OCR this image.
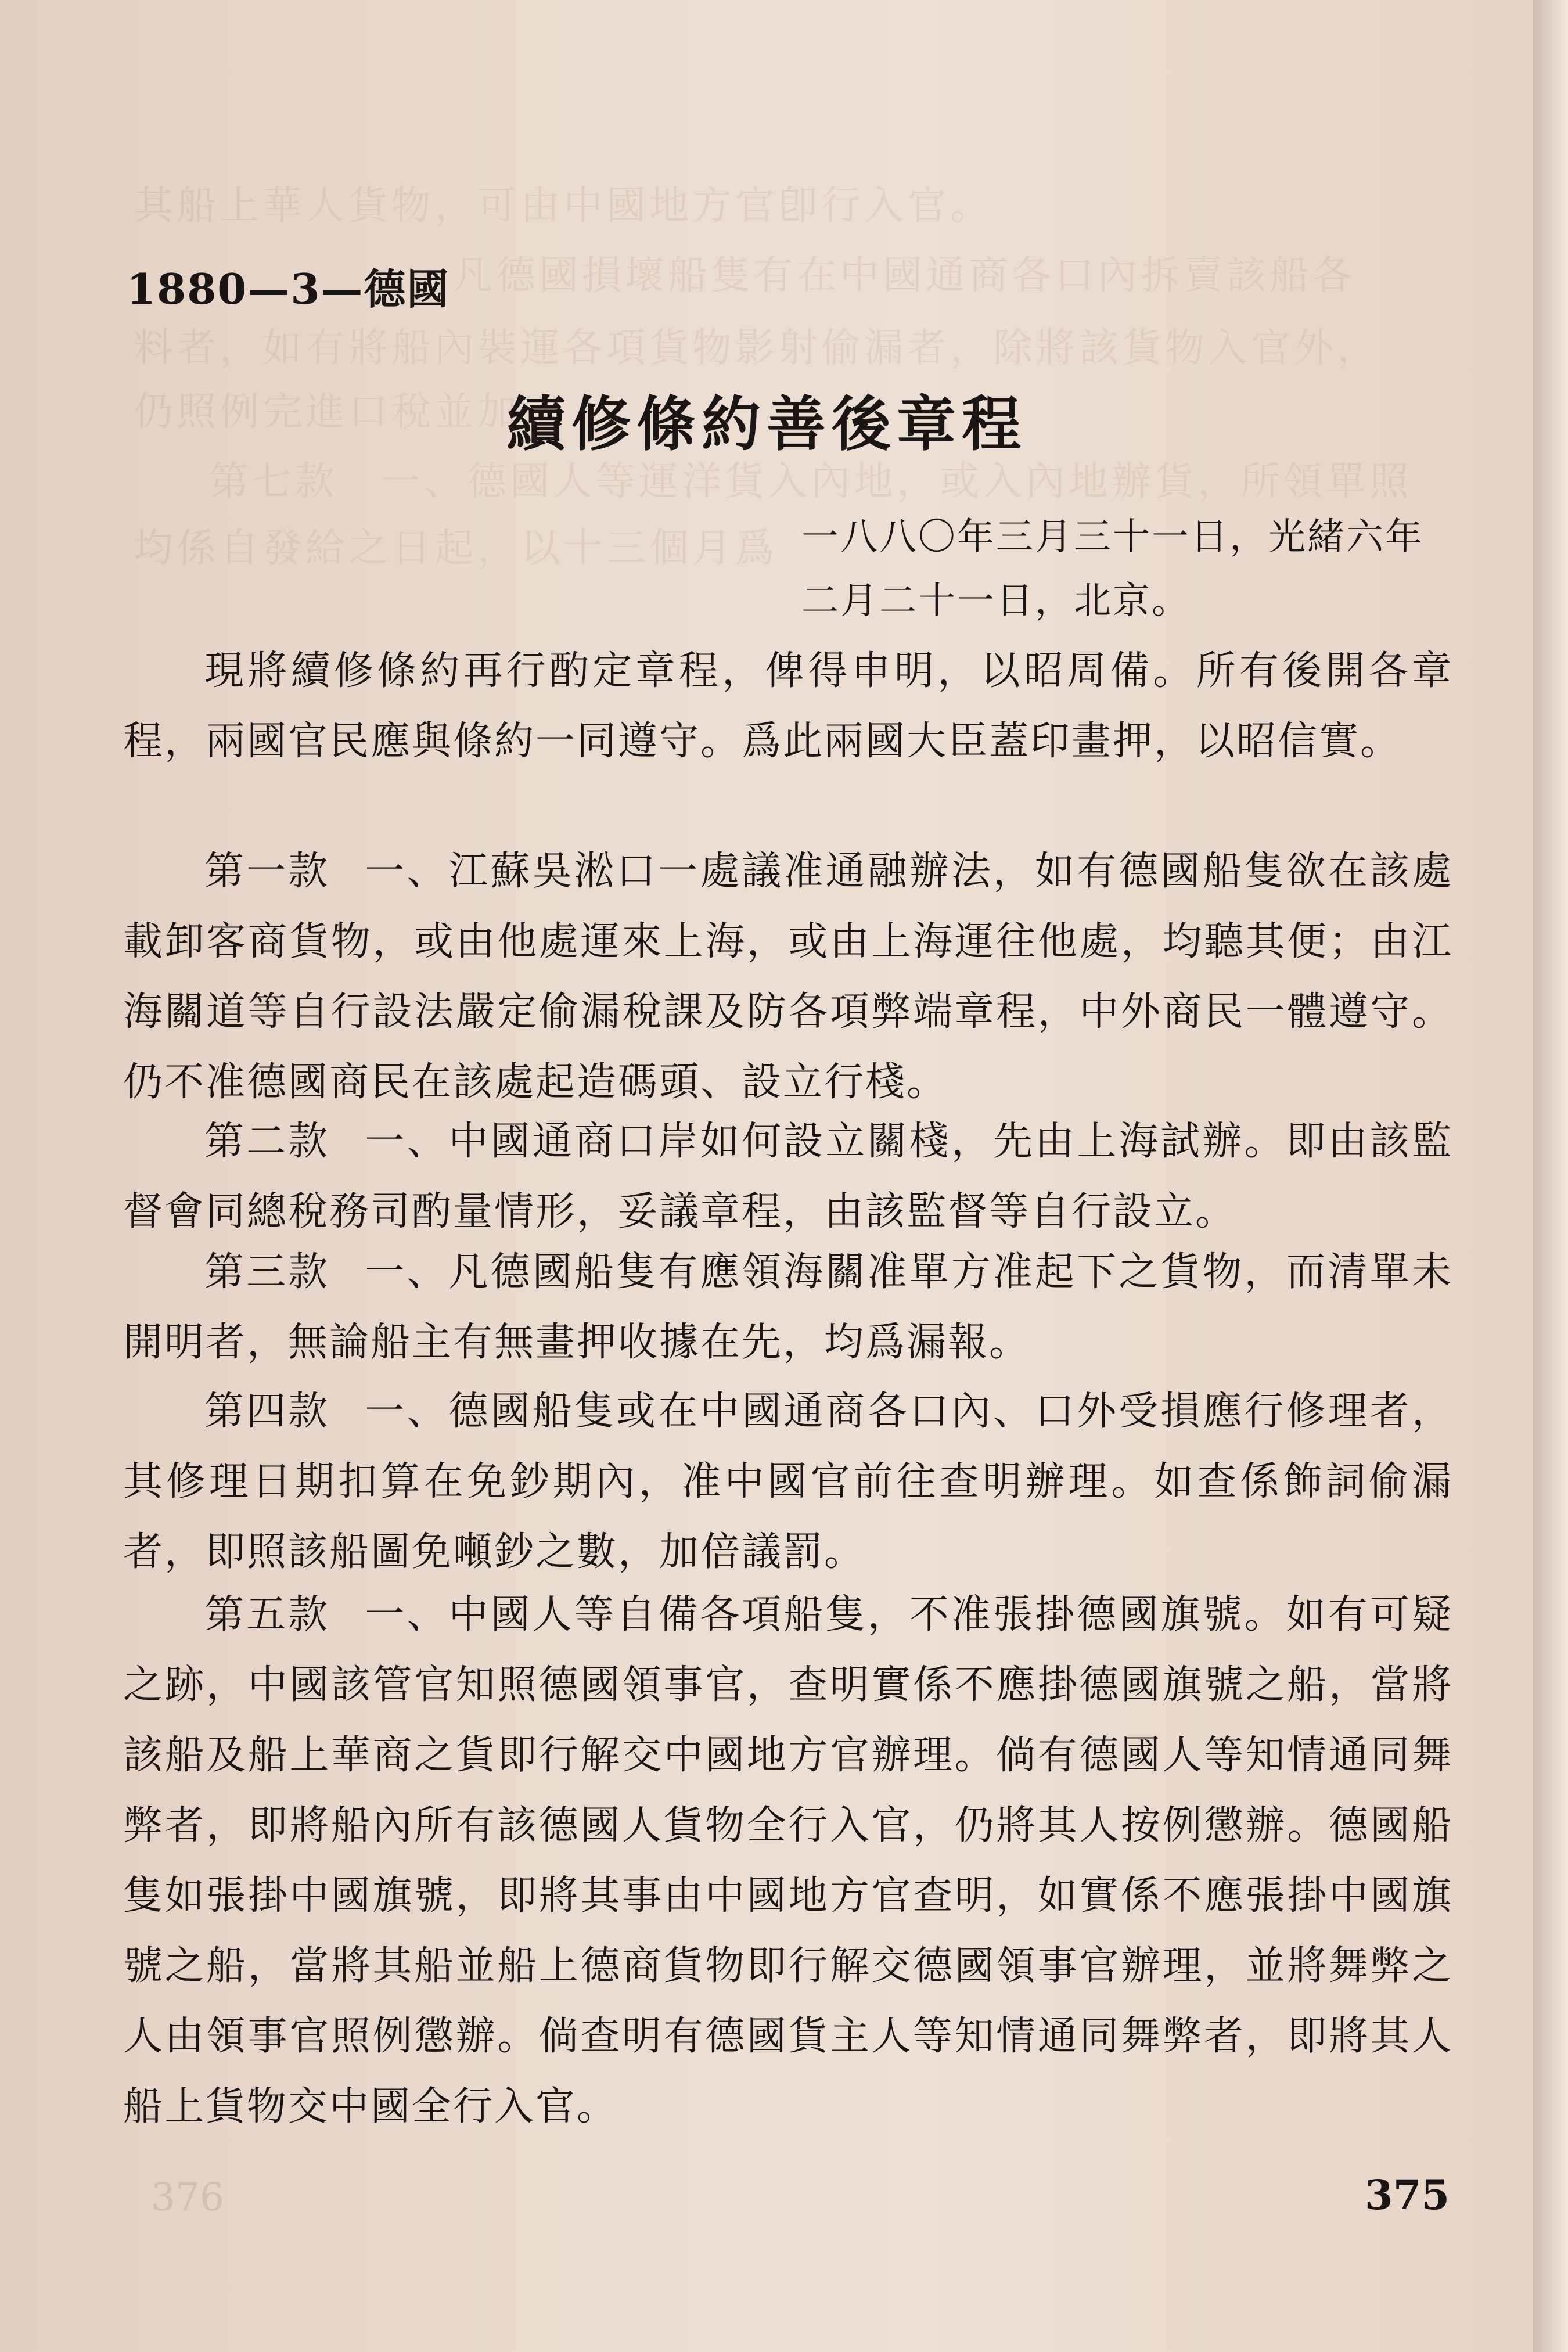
其船上華人貨物，可由中國地方官卽行入官。
凡德國損壞船隻有在中國通商各口內拆賣該船各
料者，如有將船內裝運各項貨物影射偷漏者，除將該貨物入官外，
仍照例完進口稅並加
第七款　一、德國人等運洋貨入內地，或入內地辦貨，所領單照
均係自發給之日起，以十三個月爲
1880—3—德國
續修條約善後章程
一八八〇年三月三十一日，光緒六年
二月二十一日，北京。

現將續修條約再行酌定章程，俾得申明，以昭周備。所有後開各章程，兩國官民應與條約一同遵守。爲此兩國大臣蓋印畫押，以昭信實。

第一款 一、江蘇吳淞口一處議准通融辦法，如有德國船隻欲在該處載卸客商貨物，或由他處運來上海，或由上海運往他處，均聽其便；由江海關道等自行設法嚴定偷漏稅課及防各項弊端章程，中外商民一體遵守。仍不准德國商民在該處起造碼頭、設立行棧。

第二款 一、中國通商口岸如何設立關棧，先由上海試辦。即由該監督會同總稅務司酌量情形，妥議章程，由該監督等自行設立。

第三款 一、凡德國船隻有應領海關准單方准起下之貨物，而清單未開明者，無論船主有無畫押收據在先，均爲漏報。

第四款 一、德國船隻或在中國通商各口內、口外受損應行修理者，其修理日期扣算在免鈔期內，准中國官前往查明辦理。如查係飾詞偷漏者，即照該船圖免噸鈔之數，加倍議罰。

第五款 一、中國人等自備各項船隻，不准張掛德國旗號。如有可疑之跡，中國該管官知照德國領事官，查明實係不應掛德國旗號之船，當將該船及船上華商之貨即行解交中國地方官辦理。倘有德國人等知情通同舞弊者，即將船內所有該德國人貨物全行入官，仍將其人按例懲辦。德國船隻如張掛中國旗號，即將其事由中國地方官查明，如實係不應張掛中國旗號之船，當將其船並船上德商貨物即行解交德國領事官辦理，並將舞弊之人由領事官照例懲辦。倘查明有德國貨主人等知情通同舞弊者，即將其人船上貨物交中國全行入官。

376	375
